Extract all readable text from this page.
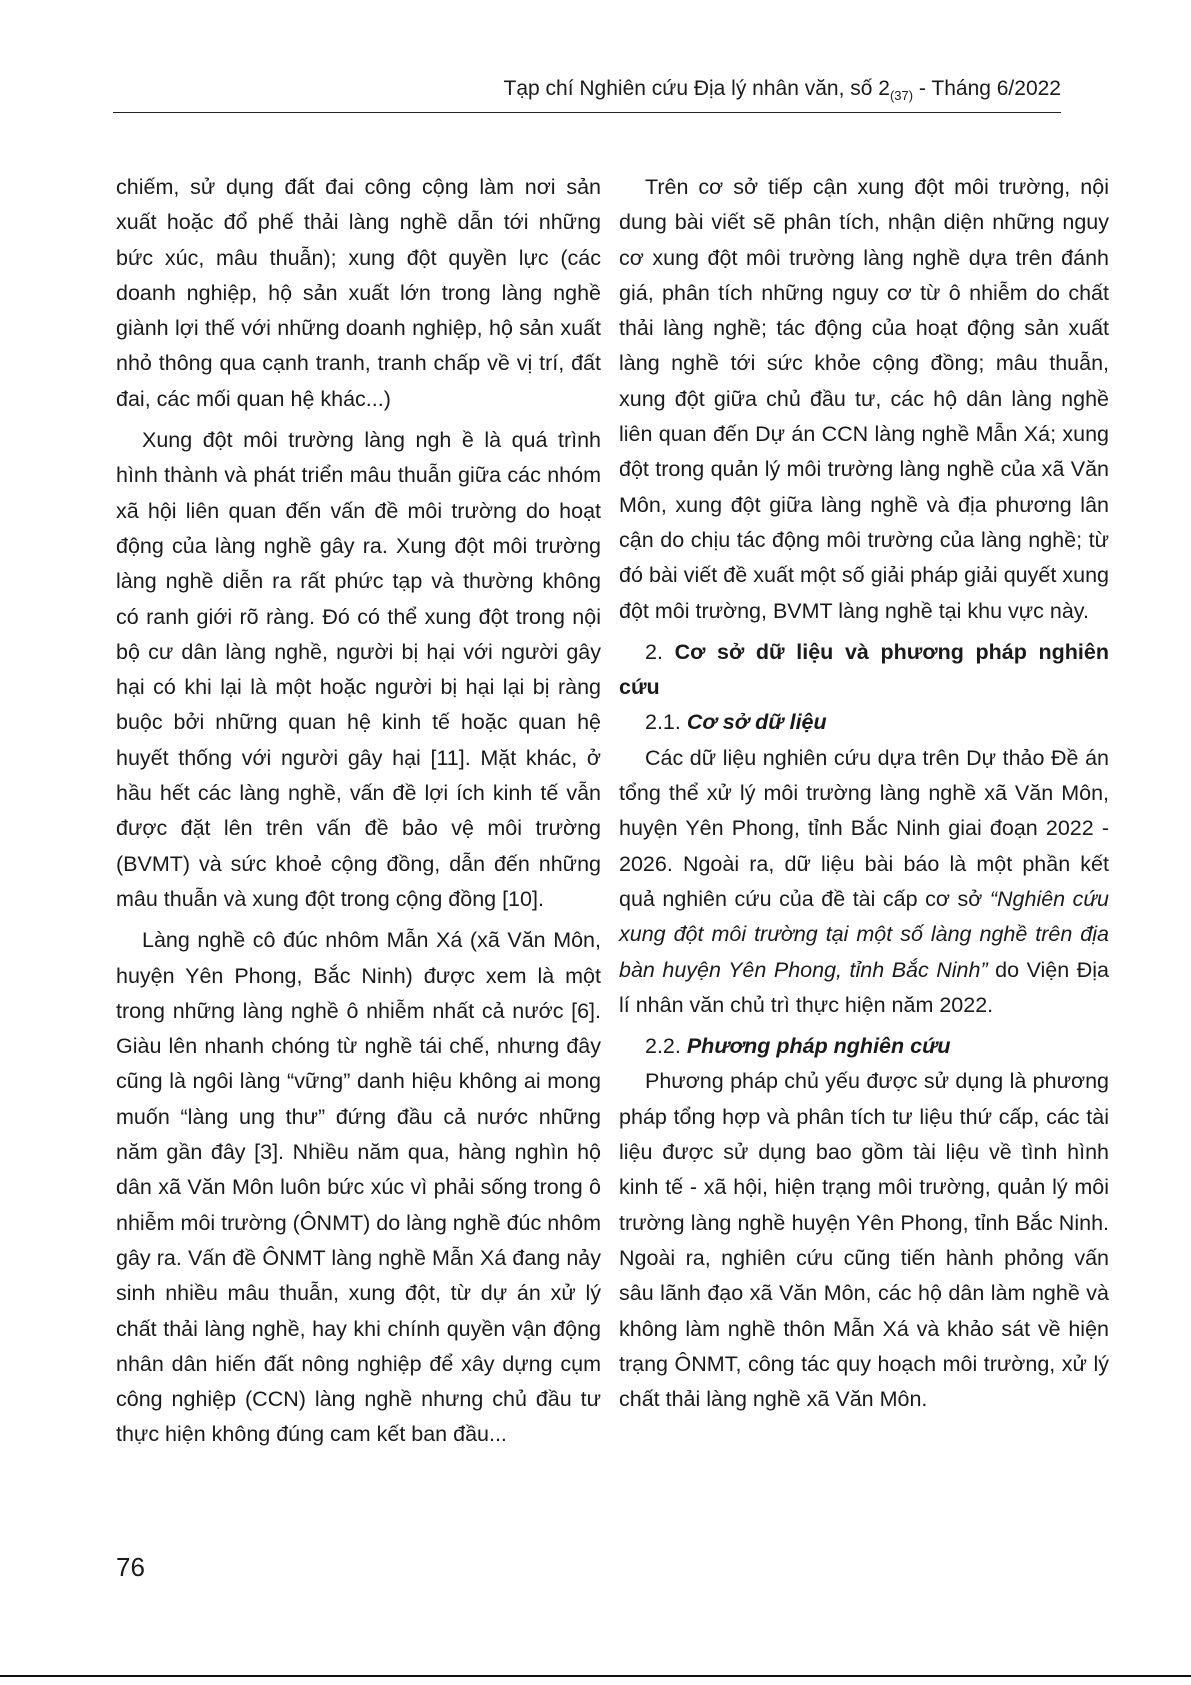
Tạp chí Nghiên cứu Địa lý nhân văn, số $2_{(37)}$ - Tháng 6/2022

chiếm, sử dụng đất đai công cộng làm nơi sản xuất hoặc đổ phế thải làng nghề dẫn tới những bức xúc, mâu thuẫn); xung đột quyền lực (các doanh nghiệp, hộ sản xuất lớn trong làng nghề giành lợi thế với những doanh nghiệp, hộ sản xuất nhỏ thông qua cạnh tranh, tranh chấp về vị trí, đất đai, các mối quan hệ khác...)

Xung đột môi trường làng ngh ề là quá trình hình thành và phát triển mâu thuẫn giữa các nhóm xã hội liên quan đến vấn đề môi trường do hoạt động của làng nghề gây ra. Xung đột môi trường làng nghề diễn ra rất phức tạp và thường không có ranh giới rõ ràng. Đó có thể xung đột trong nội bộ cư dân làng nghề, người bị hại với người gây hại có khi lại là một hoặc người bị hại lại bị ràng buộc bởi những quan hệ kinh tế hoặc quan hệ huyết thống với người gây hại [11]. Mặt khác, ở hầu hết các làng nghề, vấn đề lợi ích kinh tế vẫn được đặt lên trên vấn đề bảo vệ môi trường (BVMT) và sức khoẻ cộng đồng, dẫn đến những mâu thuẫn và xung đột trong cộng đồng [10].

Làng nghề cô đúc nhôm Mẫn Xá (xã Văn Môn, huyện Yên Phong, Bắc Ninh) được xem là một trong những làng nghề ô nhiễm nhất cả nước [6]. Giàu lên nhanh chóng từ nghề tái chế, nhưng đây cũng là ngôi làng “vững” danh hiệu không ai mong muốn “làng ung thư” đứng đầu cả nước những năm gần đây [3]. Nhiều năm qua, hàng nghìn hộ dân xã Văn Môn luôn bức xúc vì phải sống trong ô nhiễm môi trường (ÔNMT) do làng nghề đúc nhôm gây ra. Vấn đề ÔNMT làng nghề Mẫn Xá đang nảy sinh nhiều mâu thuẫn, xung đột, từ dự án xử lý chất thải làng nghề, hay khi chính quyền vận động nhân dân hiến đất nông nghiệp để xây dựng cụm công nghiệp (CCN) làng nghề nhưng chủ đầu tư thực hiện không đúng cam kết ban đầu...

Trên cơ sở tiếp cận xung đột môi trường, nội dung bài viết sẽ phân tích, nhận diện những nguy cơ xung đột môi trường làng nghề dựa trên đánh giá, phân tích những nguy cơ từ ô nhiễm do chất thải làng nghề; tác động của hoạt động sản xuất làng nghề tới sức khỏe cộng đồng; mâu thuẫn, xung đột giữa chủ đầu tư, các hộ dân làng nghề liên quan đến Dự án CCN làng nghề Mẫn Xá; xung đột trong quản lý môi trường làng nghề của xã Văn Môn, xung đột giữa làng nghề và địa phương lân cận do chịu tác động môi trường của làng nghề; từ đó bài viết đề xuất một số giải pháp giải quyết xung đột môi trường, BVMT làng nghề tại khu vực này.

2. Cơ sở dữ liệu và phương pháp nghiên cứu

2.1. Cơ sở dữ liệu

Các dữ liệu nghiên cứu dựa trên Dự thảo Đề án tổng thể xử lý môi trường làng nghề xã Văn Môn, huyện Yên Phong, tỉnh Bắc Ninh giai đoạn 2022 - 2026. Ngoài ra, dữ liệu bài báo là một phần kết quả nghiên cứu của đề tài cấp cơ sở “Nghiên cứu xung đột môi trường tại một số làng nghề trên địa bàn huyện Yên Phong, tỉnh Bắc Ninh” do Viện Địa lí nhân văn chủ trì thực hiện năm 2022.

2.2. Phương pháp nghiên cứu

Phương pháp chủ yếu được sử dụng là phương pháp tổng hợp và phân tích tư liệu thứ cấp, các tài liệu được sử dụng bao gồm tài liệu về tình hình kinh tế - xã hội, hiện trạng môi trường, quản lý môi trường làng nghề huyện Yên Phong, tỉnh Bắc Ninh. Ngoài ra, nghiên cứu cũng tiến hành phỏng vấn sâu lãnh đạo xã Văn Môn, các hộ dân làm nghề và không làm nghề thôn Mẫn Xá và khảo sát về hiện trạng ÔNMT, công tác quy hoạch môi trường, xử lý chất thải làng nghề xã Văn Môn.

76
